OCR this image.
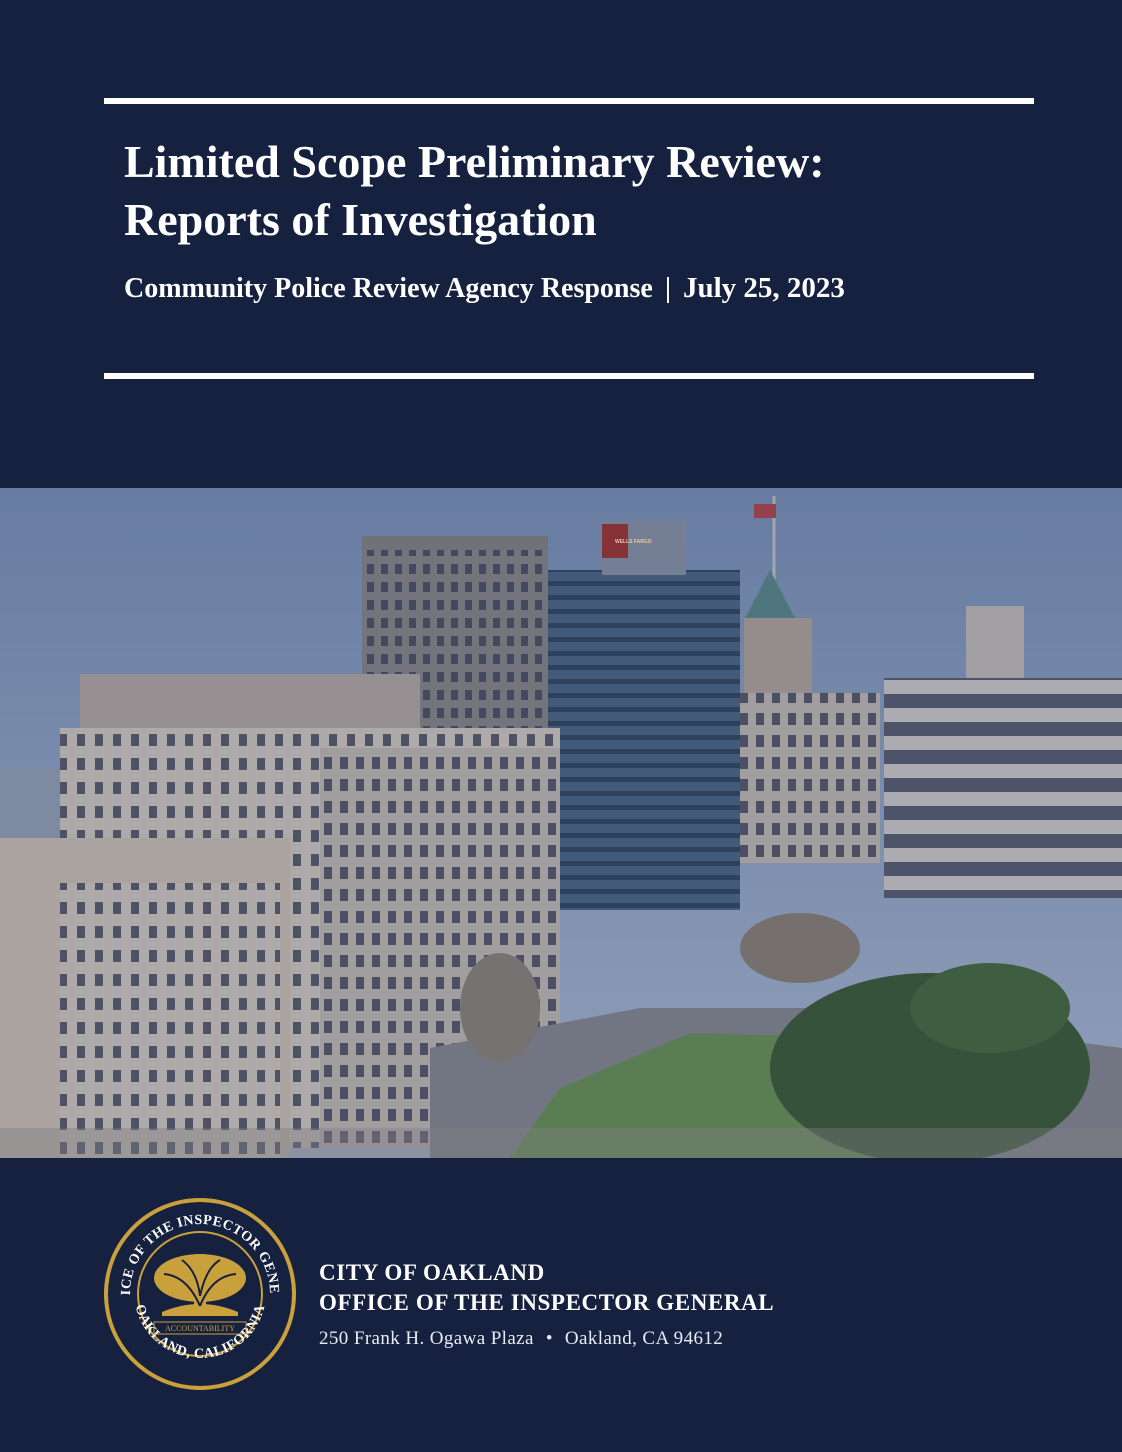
Limited Scope Preliminary Review:
Reports of Investigation
Community Police Review Agency Response | July 25, 2023
WELLS FARGO
ICE OF THE INSPECTOR GENE
OAKLAND, CALIFORNIA
ACCOUNTABILITY
CITY OF OAKLAND
OFFICE OF THE INSPECTOR GENERAL
250 Frank H. Ogawa Plaza • Oakland, CA 94612
